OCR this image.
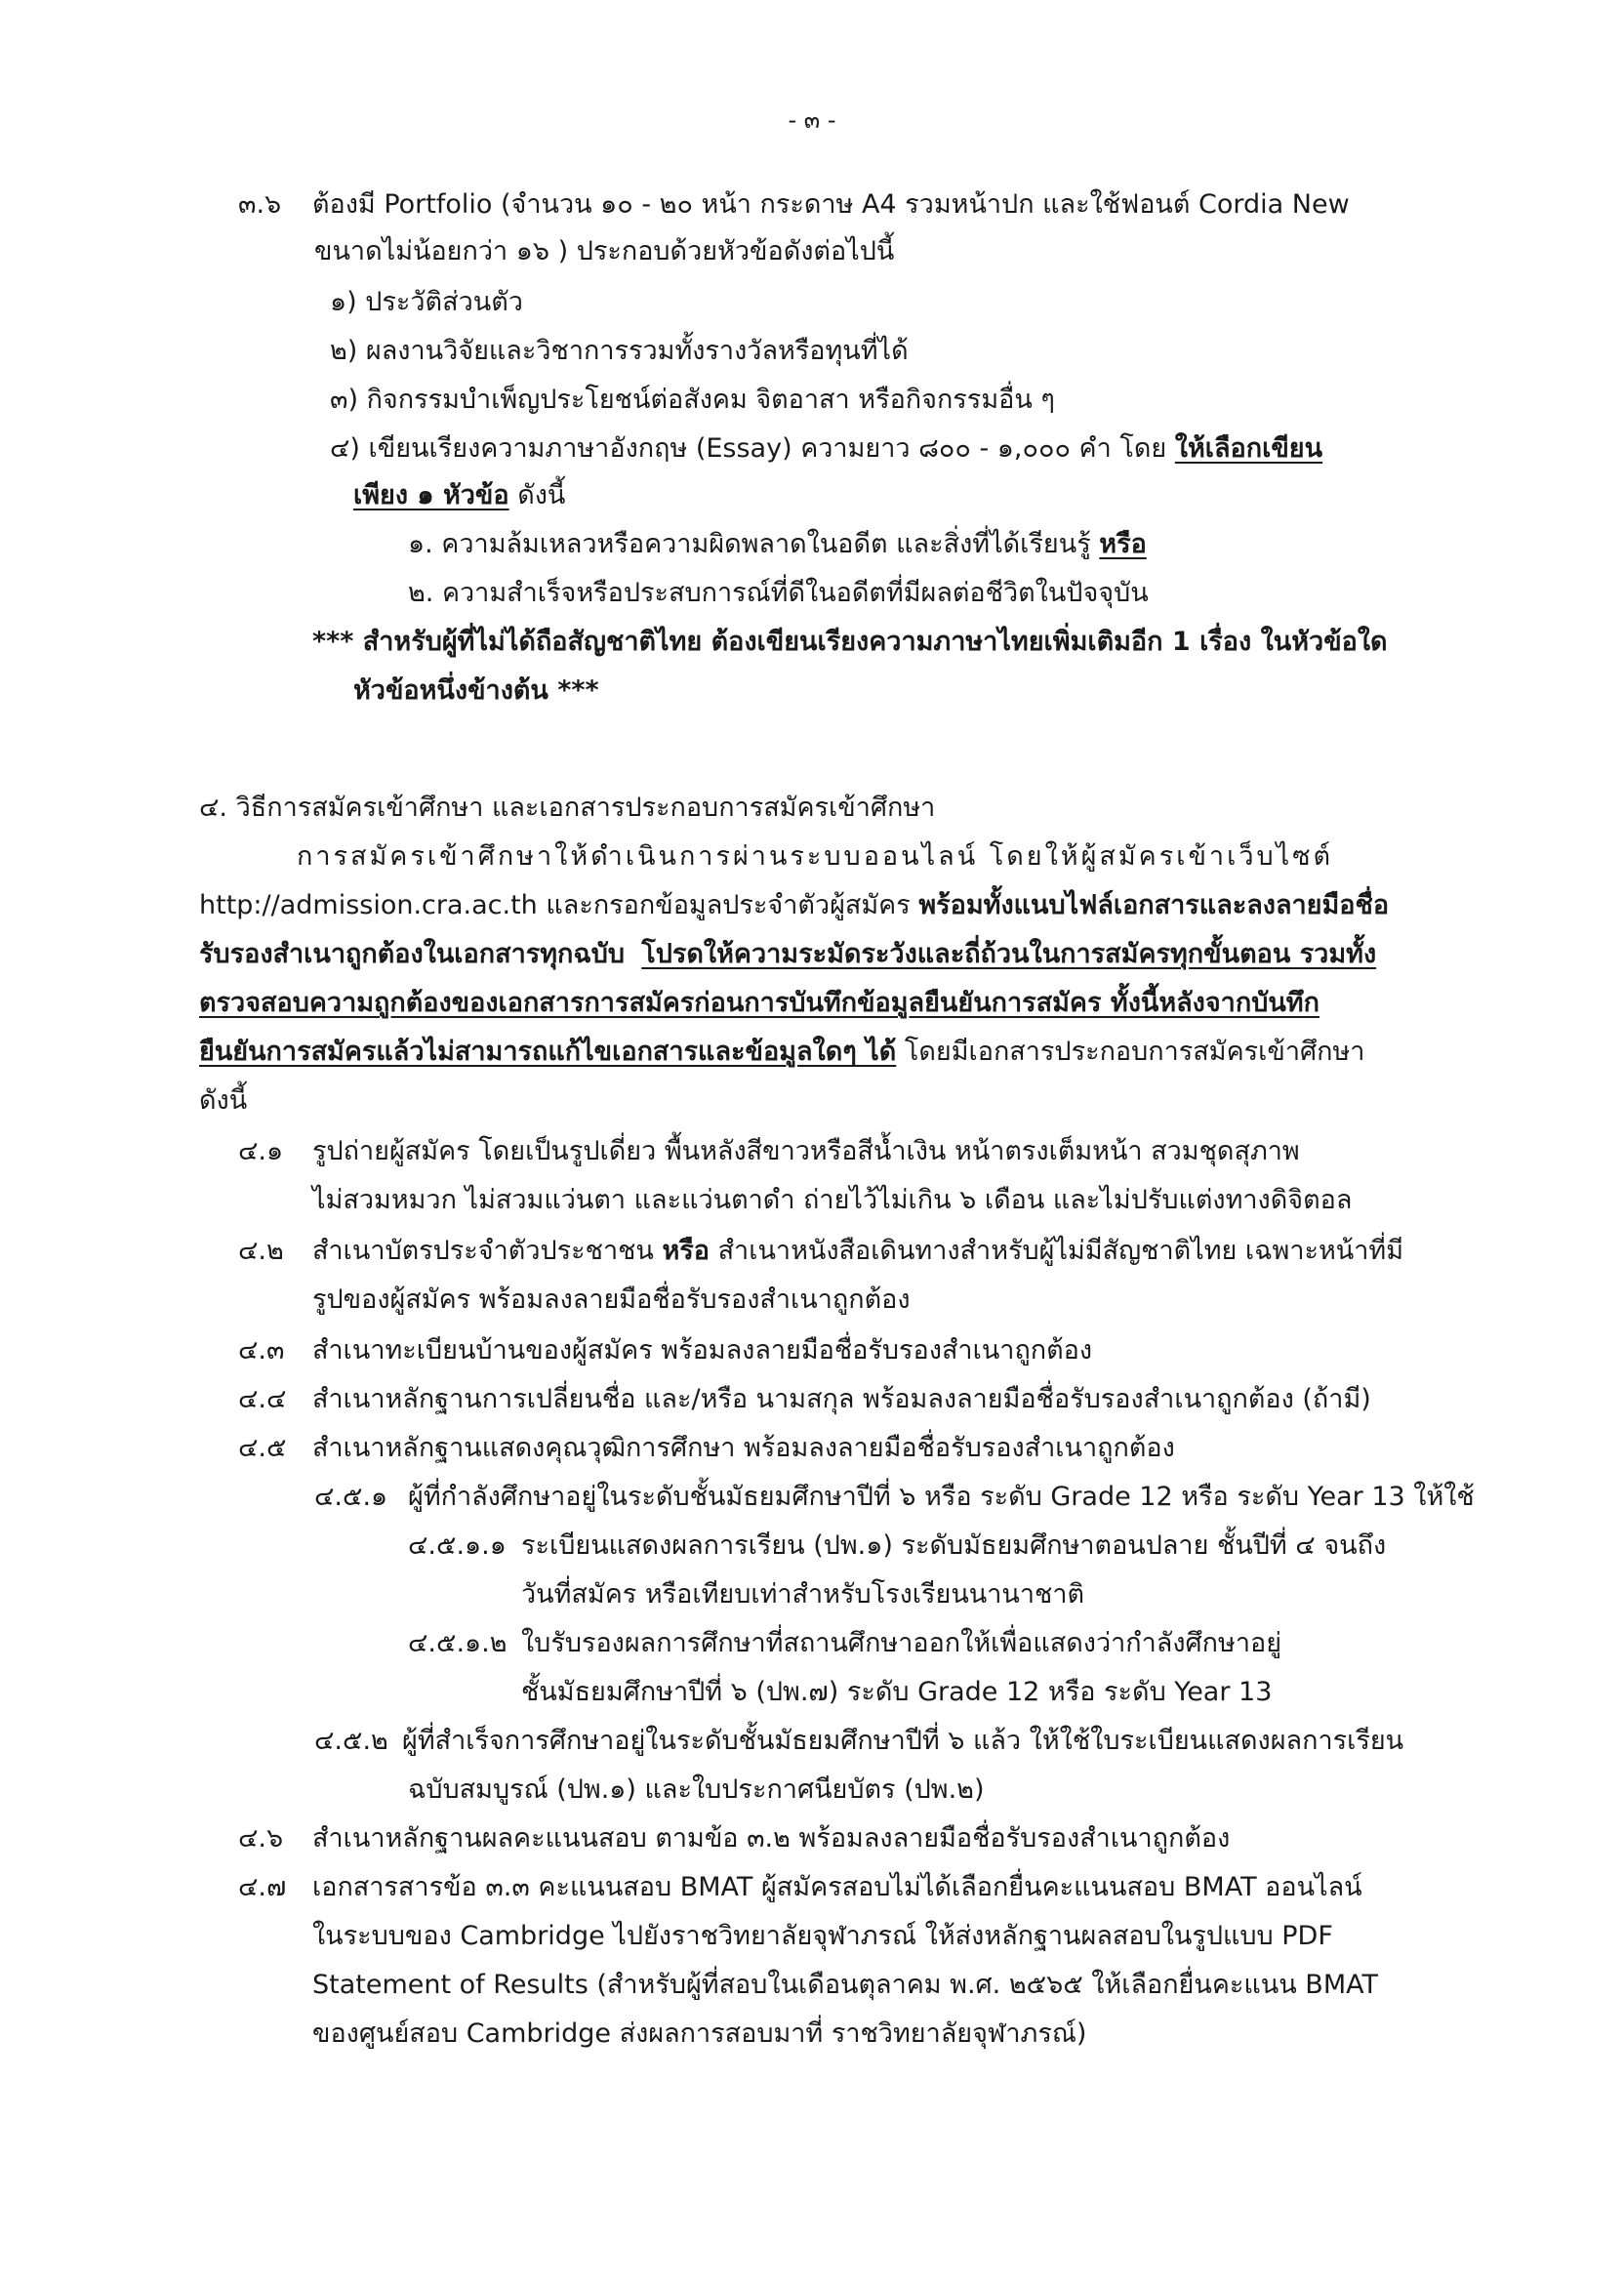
- ๓ -
๓.๖ ต้องมี Portfolio (จำนวน ๑๐ - ๒๐ หน้า กระดาษ A4 รวมหน้าปก และใช้ฟอนต์ Cordia New
ขนาดไม่น้อยกว่า ๑๖ ) ประกอบด้วยหัวข้อดังต่อไปนี้
๑) ประวัติส่วนตัว
๒) ผลงานวิจัยและวิชาการรวมทั้งรางวัลหรือทุนที่ได้
๓) กิจกรรมบำเพ็ญประโยชน์ต่อสังคม จิตอาสา หรือกิจกรรมอื่น ๆ
๔) เขียนเรียงความภาษาอังกฤษ (Essay) ความยาว ๘๐๐ - ๑,๐๐๐ คำ โดย ให้เลือกเขียน
เพียง ๑ หัวข้อ ดังนี้
๑. ความล้มเหลวหรือความผิดพลาดในอดีต และสิ่งที่ได้เรียนรู้ หรือ
๒. ความสำเร็จหรือประสบการณ์ที่ดีในอดีตที่มีผลต่อชีวิตในปัจจุบัน
*** สำหรับผู้ที่ไม่ได้ถือสัญชาติไทย ต้องเขียนเรียงความภาษาไทยเพิ่มเติมอีก 1 เรื่อง ในหัวข้อใด
หัวข้อหนึ่งข้างต้น ***
๔. วิธีการสมัครเข้าศึกษา และเอกสารประกอบการสมัครเข้าศึกษา
การสมัครเข้าศึกษาให้ดำเนินการผ่านระบบออนไลน์ โดยให้ผู้สมัครเข้าเว็บไซต์
http://admission.cra.ac.th และกรอกข้อมูลประจำตัวผู้สมัคร พร้อมทั้งแนบไฟล์เอกสารและลงลายมือชื่อ
รับรองสำเนาถูกต้องในเอกสารทุกฉบับ โปรดให้ความระมัดระวังและถี่ถ้วนในการสมัครทุกขั้นตอน รวมทั้ง
ตรวจสอบความถูกต้องของเอกสารการสมัครก่อนการบันทึกข้อมูลยืนยันการสมัคร ทั้งนี้หลังจากบันทึก
ยืนยันการสมัครแล้วไม่สามารถแก้ไขเอกสารและข้อมูลใดๆ ได้ โดยมีเอกสารประกอบการสมัครเข้าศึกษา
ดังนี้
๔.๑ รูปถ่ายผู้สมัคร โดยเป็นรูปเดี่ยว พื้นหลังสีขาวหรือสีน้ำเงิน หน้าตรงเต็มหน้า สวมชุดสุภาพ
ไม่สวมหมวก ไม่สวมแว่นตา และแว่นตาดำ ถ่ายไว้ไม่เกิน ๖ เดือน และไม่ปรับแต่งทางดิจิตอล
๔.๒ สำเนาบัตรประจำตัวประชาชน หรือ สำเนาหนังสือเดินทางสำหรับผู้ไม่มีสัญชาติไทย เฉพาะหน้าที่มี
รูปของผู้สมัคร พร้อมลงลายมือชื่อรับรองสำเนาถูกต้อง
๔.๓ สำเนาทะเบียนบ้านของผู้สมัคร พร้อมลงลายมือชื่อรับรองสำเนาถูกต้อง
๔.๔ สำเนาหลักฐานการเปลี่ยนชื่อ และ/หรือ นามสกุล พร้อมลงลายมือชื่อรับรองสำเนาถูกต้อง (ถ้ามี)
๔.๕ สำเนาหลักฐานแสดงคุณวุฒิการศึกษา พร้อมลงลายมือชื่อรับรองสำเนาถูกต้อง
๔.๕.๑ ผู้ที่กำลังศึกษาอยู่ในระดับชั้นมัธยมศึกษาปีที่ ๖ หรือ ระดับ Grade 12 หรือ ระดับ Year 13 ให้ใช้
๔.๕.๑.๑ ระเบียนแสดงผลการเรียน (ปพ.๑) ระดับมัธยมศึกษาตอนปลาย ชั้นปีที่ ๔ จนถึง
วันที่สมัคร หรือเทียบเท่าสำหรับโรงเรียนนานาชาติ
๔.๕.๑.๒ ใบรับรองผลการศึกษาที่สถานศึกษาออกให้เพื่อแสดงว่ากำลังศึกษาอยู่
ชั้นมัธยมศึกษาปีที่ ๖ (ปพ.๗) ระดับ Grade 12 หรือ ระดับ Year 13
๔.๕.๒ ผู้ที่สำเร็จการศึกษาอยู่ในระดับชั้นมัธยมศึกษาปีที่ ๖ แล้ว ให้ใช้ใบระเบียนแสดงผลการเรียน
ฉบับสมบูรณ์ (ปพ.๑) และใบประกาศนียบัตร (ปพ.๒)
๔.๖ สำเนาหลักฐานผลคะแนนสอบ ตามข้อ ๓.๒ พร้อมลงลายมือชื่อรับรองสำเนาถูกต้อง
๔.๗ เอกสารสารข้อ ๓.๓ คะแนนสอบ BMAT ผู้สมัครสอบไม่ได้เลือกยื่นคะแนนสอบ BMAT ออนไลน์
ในระบบของ Cambridge ไปยังราชวิทยาลัยจุฬาภรณ์ ให้ส่งหลักฐานผลสอบในรูปแบบ PDF
Statement of Results (สำหรับผู้ที่สอบในเดือนตุลาคม พ.ศ. ๒๕๖๕ ให้เลือกยื่นคะแนน BMAT
ของศูนย์สอบ Cambridge ส่งผลการสอบมาที่ ราชวิทยาลัยจุฬาภรณ์)
